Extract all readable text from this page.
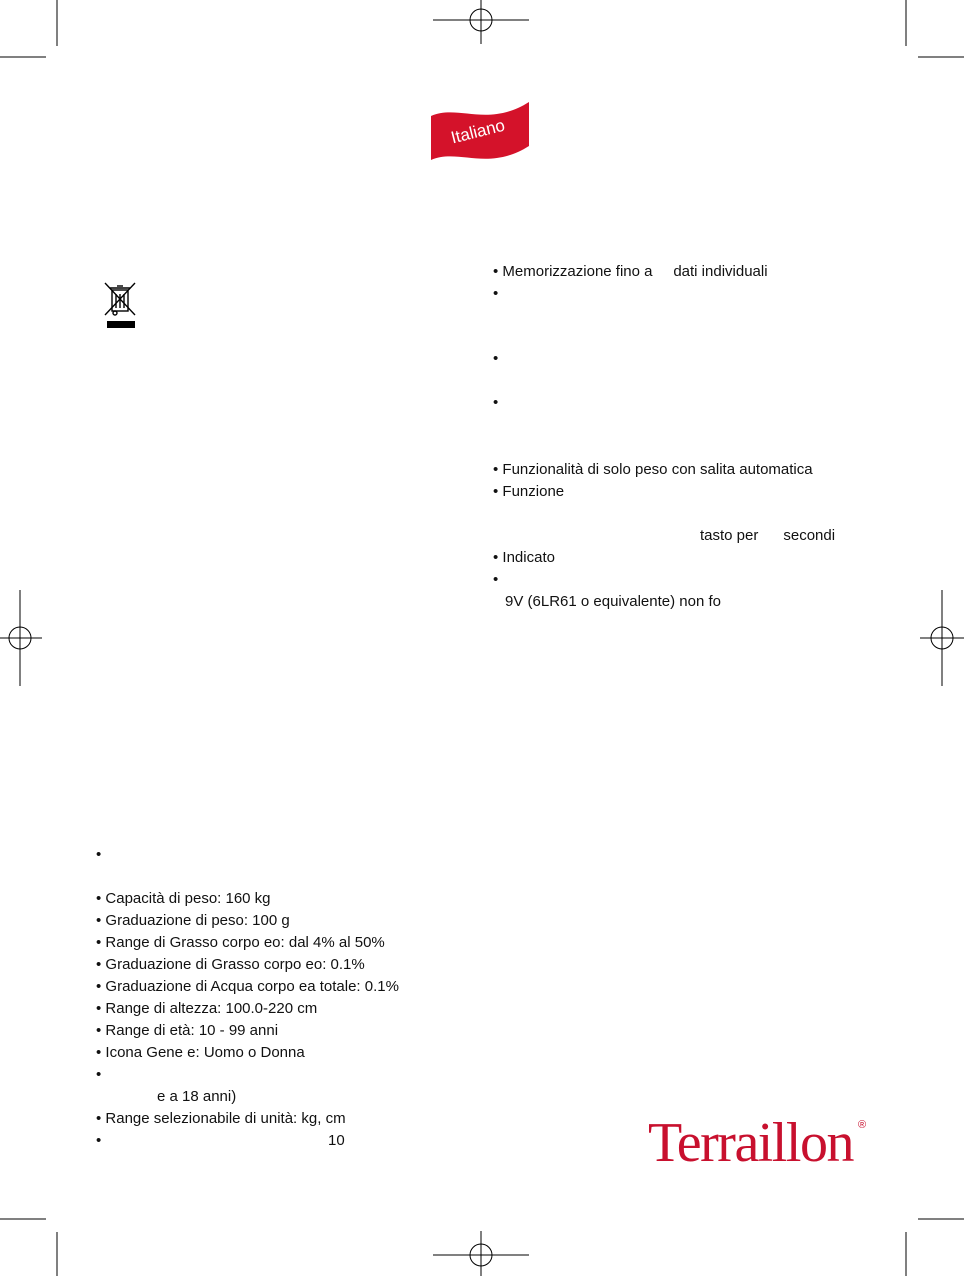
Italiano
• Memorizzazione fino a     dati individuali
•
•
•
• Funzionalità di solo peso con salita automatica
• Funzione
tasto per      secondi
• Indicato
•
9V (6LR61 o equivalente) non fo
•
• Capacità di peso: 160 kg
• Graduazione di peso: 100 g
• Range di Grasso corpo eo: dal 4% al 50%
• Graduazione di Grasso corpo eo: 0.1%
• Graduazione di Acqua corpo ea totale: 0.1%
• Range di altezza: 100.0-220 cm
• Range di età: 10 - 99 anni
• Icona Gene e: Uomo o Donna
•
e a 18 anni)
• Range selezionabile di unità: kg, cm
•	10	Terraillon ®
